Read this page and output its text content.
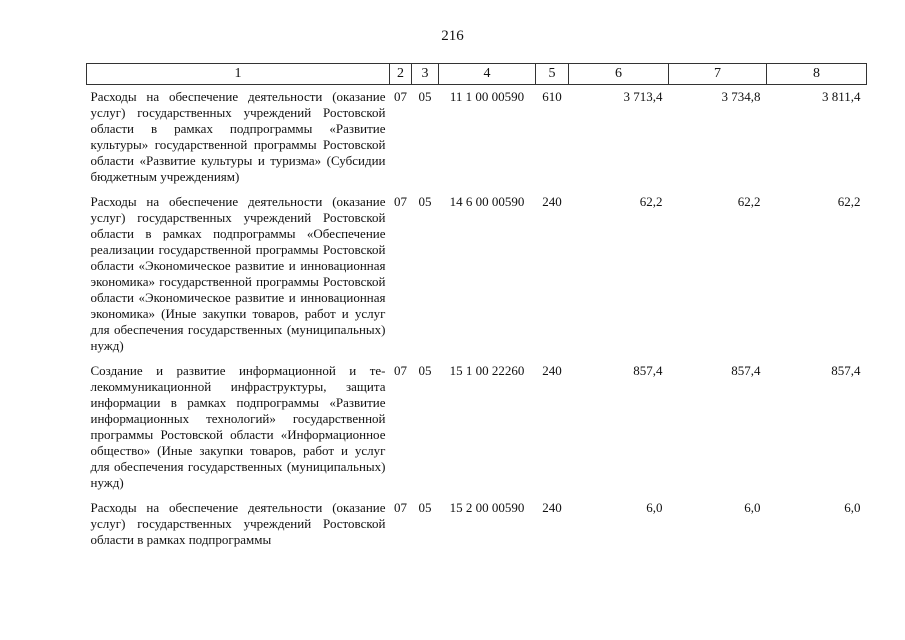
216
1	2	3	4	5	6	7	8
Расходы на обеспечение деятельности (оказание услуг) государственных учреждений Ростовской области в рамках подпрограммы «Развитие культуры» государственной программы Ростовской области «Развитие культуры и туризма» (Субсидии бюджетным учреждениям)	07	05	11 1 00 00590	610	3 713,4	3 734,8	3 811,4
Расходы на обеспечение деятельности (оказание услуг) государственных учреждений Ростовской области в рамках подпрограммы «Обеспечение реализации государственной программы Ростовской области «Экономическое развитие и инновационная экономика» государственной программы Ростовской области «Экономическое развитие и инновационная экономика» (Иные закупки товаров, работ и услуг для обеспечения государственных (муниципальных) нужд)	07	05	14 6 00 00590	240	62,2	62,2	62,2
Создание и развитие информационной и телекоммуникационной инфраструктуры, защита информации в рамках подпрограммы «Развитие информационных технологий» государственной программы Ростовской области «Информационное общество» (Иные закупки товаров, работ и услуг для обеспечения государственных (муниципальных) нужд)	07	05	15 1 00 22260	240	857,4	857,4	857,4
Расходы на обеспечение деятельности (оказание услуг) государственных учреждений Ростовской области в рамках подпрограммы	07	05	15 2 00 00590	240	6,0	6,0	6,0
